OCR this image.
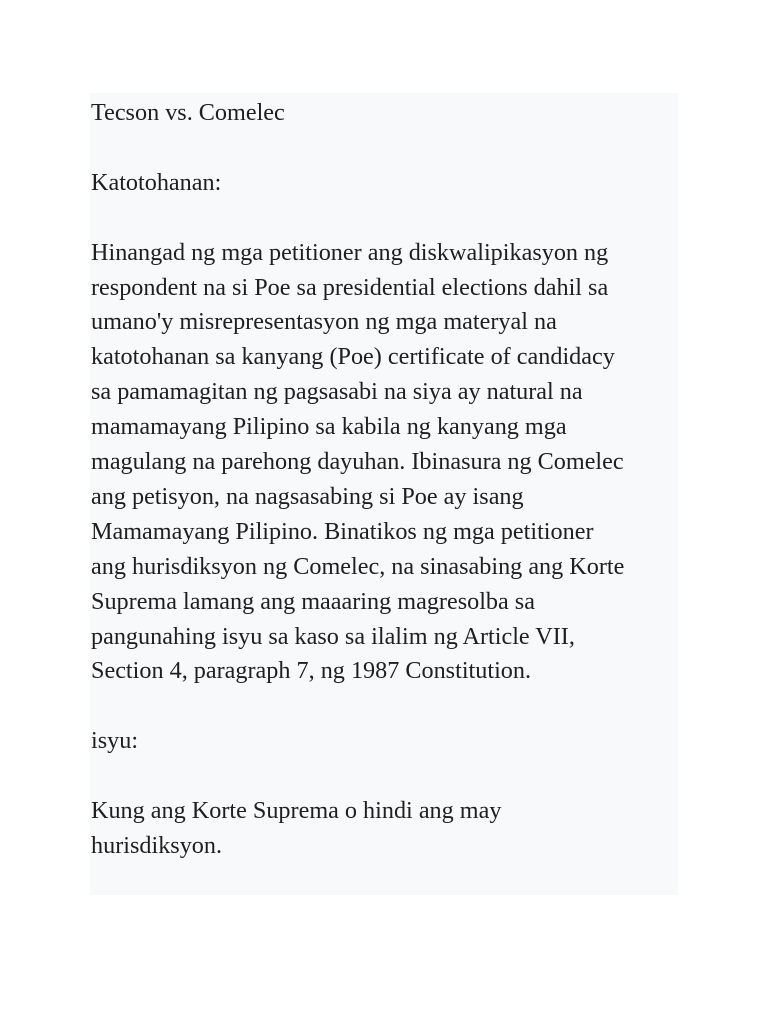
Tecson vs. Comelec

Katotohanan:

Hinangad ng mga petitioner ang diskwalipikasyon ng
respondent na si Poe sa presidential elections dahil sa
umano'y misrepresentasyon ng mga materyal na
katotohanan sa kanyang (Poe) certificate of candidacy
sa pamamagitan ng pagsasabi na siya ay natural na
mamamayang Pilipino sa kabila ng kanyang mga
magulang na parehong dayuhan. Ibinasura ng Comelec
ang petisyon, na nagsasabing si Poe ay isang
Mamamayang Pilipino. Binatikos ng mga petitioner
ang hurisdiksyon ng Comelec, na sinasabing ang Korte
Suprema lamang ang maaaring magresolba sa
pangunahing isyu sa kaso sa ilalim ng Article VII,
Section 4, paragraph 7, ng 1987 Constitution.

isyu:

Kung ang Korte Suprema o hindi ang may
hurisdiksyon.
